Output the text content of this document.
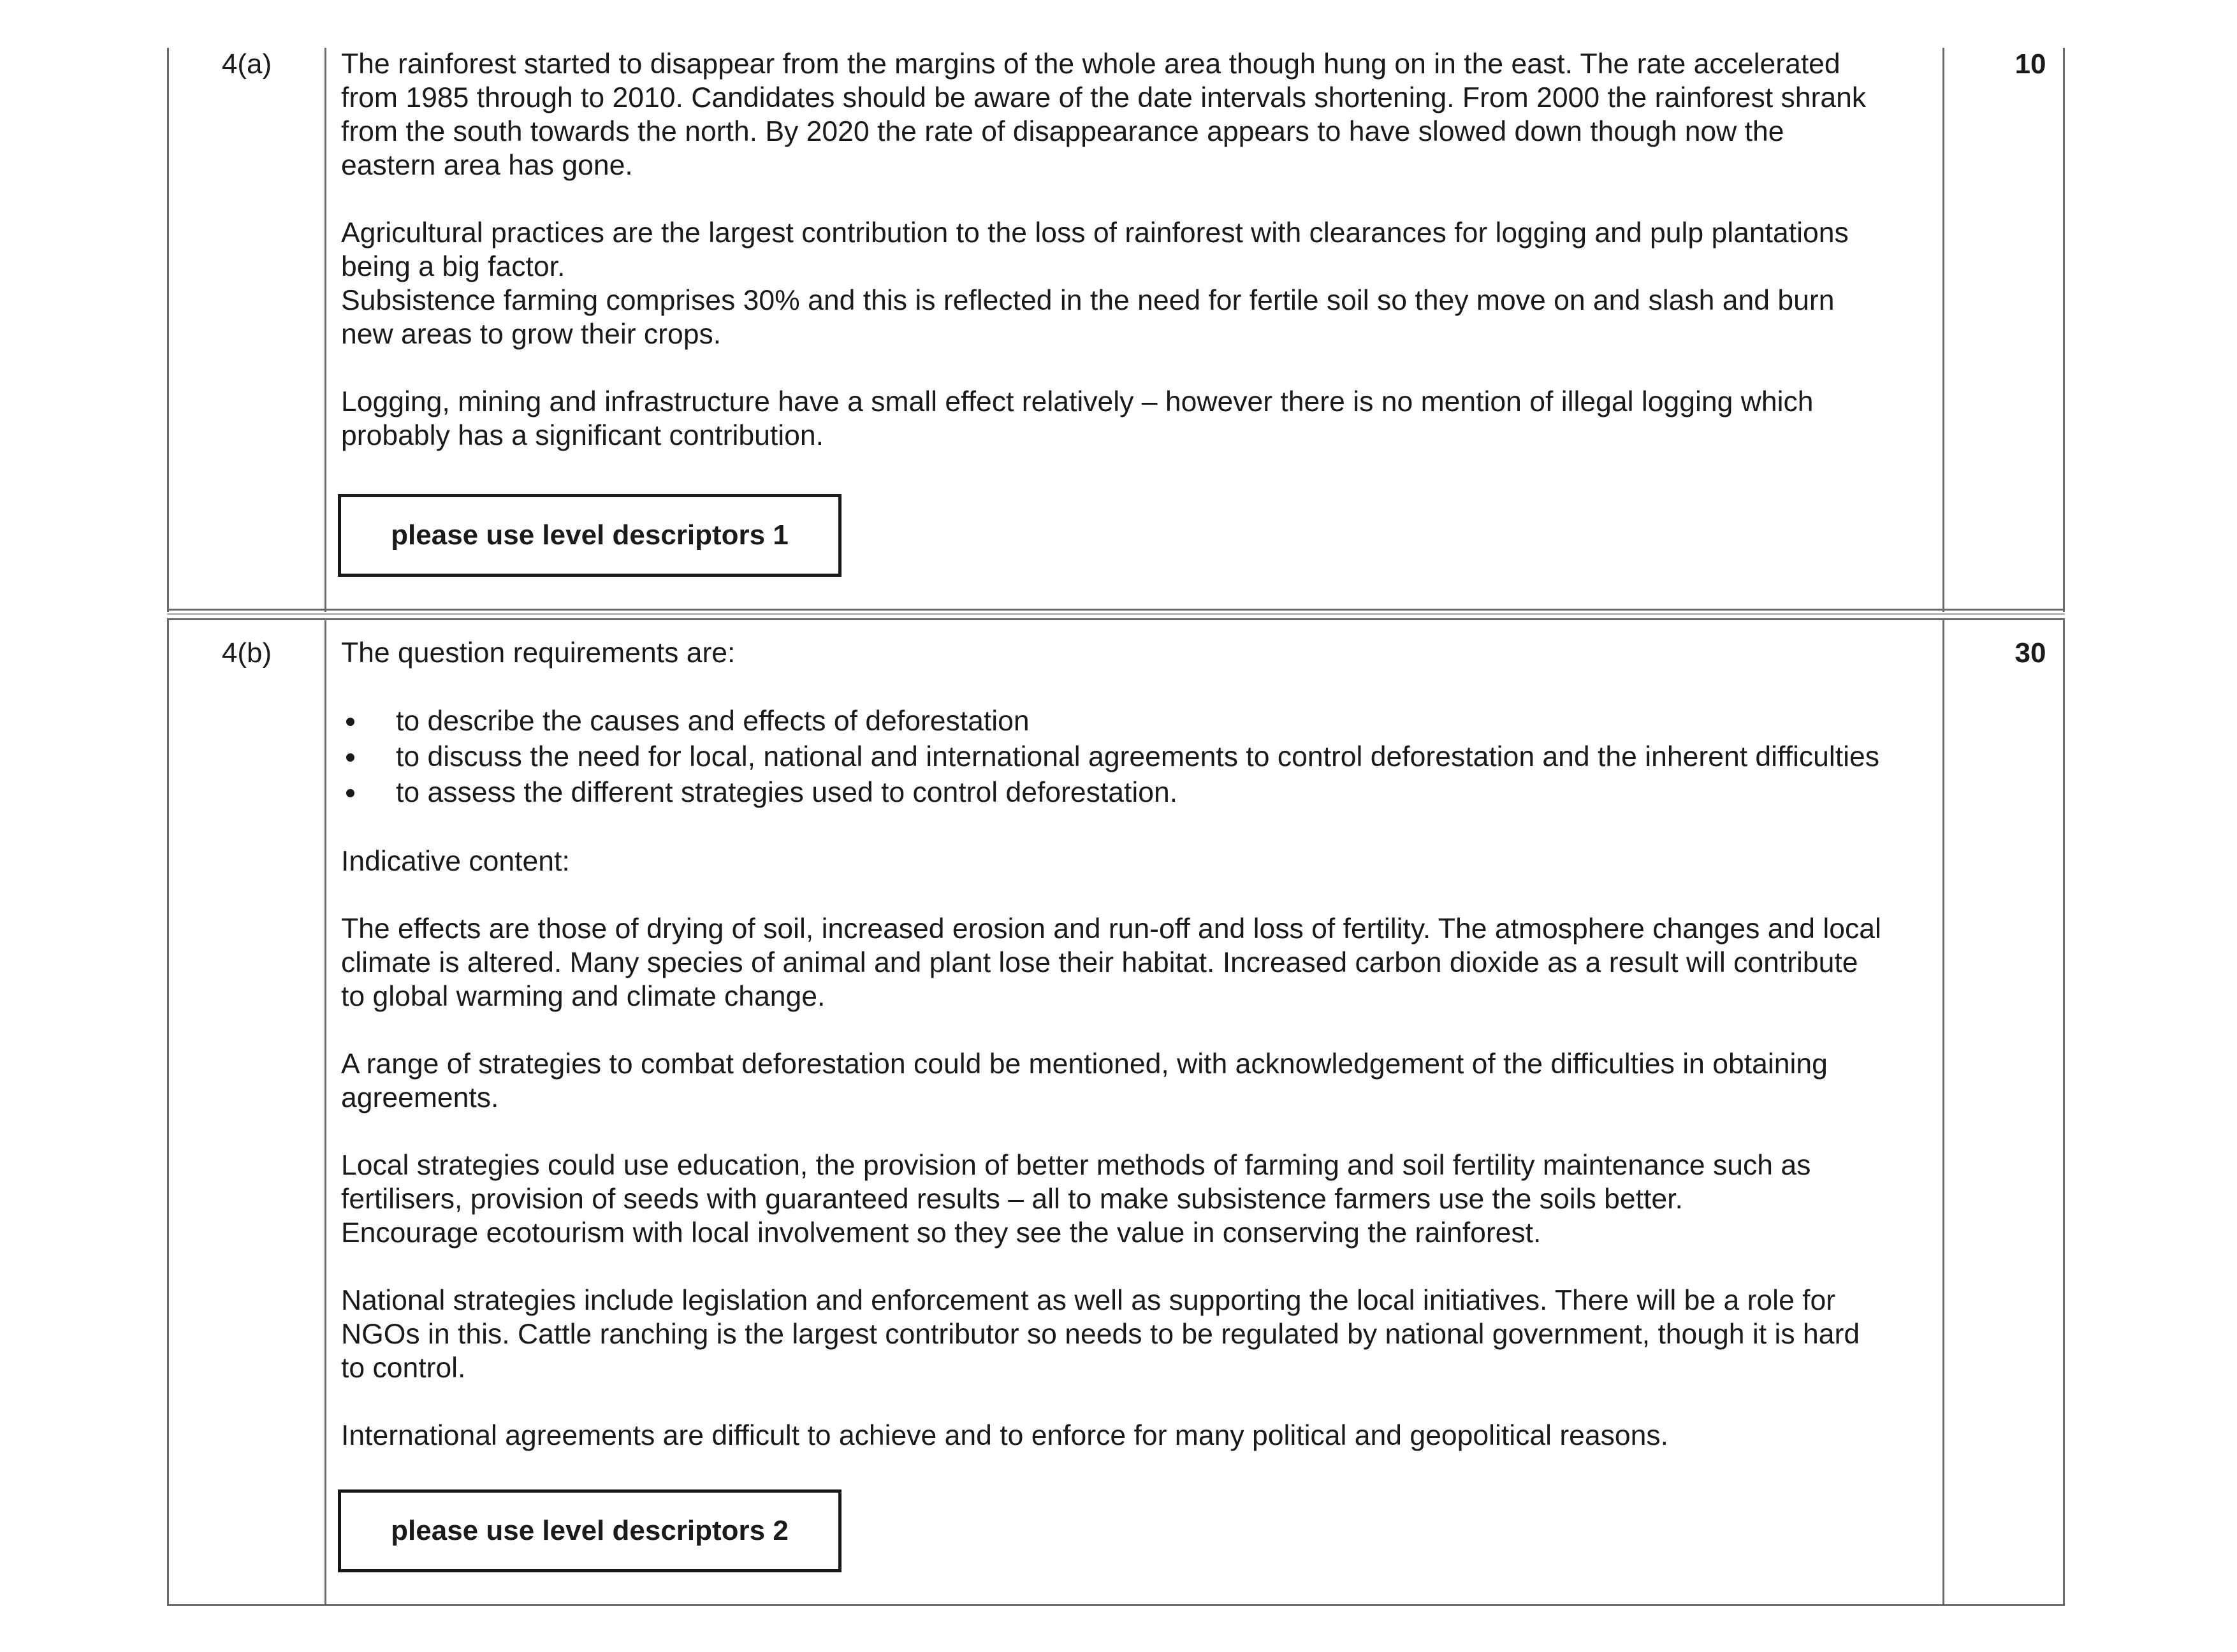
4(a)	10

The rainforest started to disappear from the margins of the whole area though hung on in the east. The rate accelerated
from 1985 through to 2010. Candidates should be aware of the date intervals shortening. From 2000 the rainforest shrank
from the south towards the north. By 2020 the rate of disappearance appears to have slowed down though now the
eastern area has gone.

Agricultural practices are the largest contribution to the loss of rainforest with clearances for logging and pulp plantations
being a big factor.

Subsistence farming comprises 30% and this is reflected in the need for fertile soil so they move on and slash and burn
new areas to grow their crops.

Logging, mining and infrastructure have a small effect relatively – however there is no mention of illegal logging which
probably has a significant contribution.

please use level descriptors 1
4(b)	30

The question requirements are:

to describe the causes and effects of deforestation
to discuss the need for local, national and international agreements to control deforestation and the inherent difficulties
to assess the different strategies used to control deforestation.

Indicative content:

The effects are those of drying of soil, increased erosion and run-off and loss of fertility. The atmosphere changes and local
climate is altered. Many species of animal and plant lose their habitat. Increased carbon dioxide as a result will contribute
to global warming and climate change.

A range of strategies to combat deforestation could be mentioned, with acknowledgement of the difficulties in obtaining
agreements.

Local strategies could use education, the provision of better methods of farming and soil fertility maintenance such as
fertilisers, provision of seeds with guaranteed results – all to make subsistence farmers use the soils better.

Encourage ecotourism with local involvement so they see the value in conserving the rainforest.

National strategies include legislation and enforcement as well as supporting the local initiatives. There will be a role for
NGOs in this. Cattle ranching is the largest contributor so needs to be regulated by national government, though it is hard
to control.

International agreements are difficult to achieve and to enforce for many political and geopolitical reasons.

please use level descriptors 2
